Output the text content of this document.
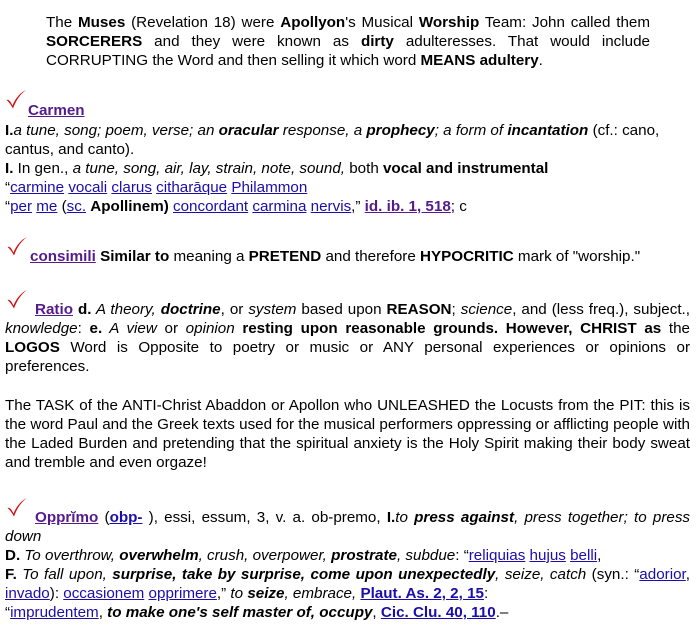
The Muses (Revelation 18) were Apollyon's Musical Worship Team: John called them SORCERERS and they were known as dirty adulteresses. That would include CORRUPTING the Word and then selling it which word MEANS adultery.

Carmen

I.a tune, song; poem, verse; an oracular response, a prophecy; a form of incantation (cf.: cano, cantus, and canto).

I. In gen., a tune, song, air, lay, strain, note, sound, both vocal and instrumental

“carmine vocali clarus citharāque Philammon

“per me (sc. Apollinem) concordant carmina nervis,” id. ib. 1, 518; c

consimili Similar to meaning a PRETEND and therefore HYPOCRITIC mark of "worship."

Ratio d. A theory, doctrine, or system based upon REASON; science, and (less freq.), subject., knowledge: e. A view or opinion resting upon reasonable grounds. However, CHRIST as the LOGOS Word is Opposite to poetry or music or ANY personal experiences or opinions or preferences.

The TASK of the ANTI-Christ Abaddon or Apollon who UNLEASHED the Locusts from the PIT: this is the word Paul and the Greek texts used for the musical performers oppressing or afflicting people with the Laded Burden and pretending that the spiritual anxiety is the Holy Spirit making their body sweat and tremble and even orgaze!

Opprĭmo (obp- ), essi, essum, 3, v. a. ob-premo, I.to press against, press together; to press down

D. To overthrow, overwhelm, crush, overpower, prostrate, subdue: “reliquias hujus belli,

F. To fall upon, surprise, take by surprise, come upon unexpectedly, seize, catch (syn.: “adorior, invado): occasionem opprimere,” to seize, embrace, Plaut. As. 2, 2, 15:

“imprudentem, to make one's self master of, occupy, Cic. Clu. 40, 110.–
